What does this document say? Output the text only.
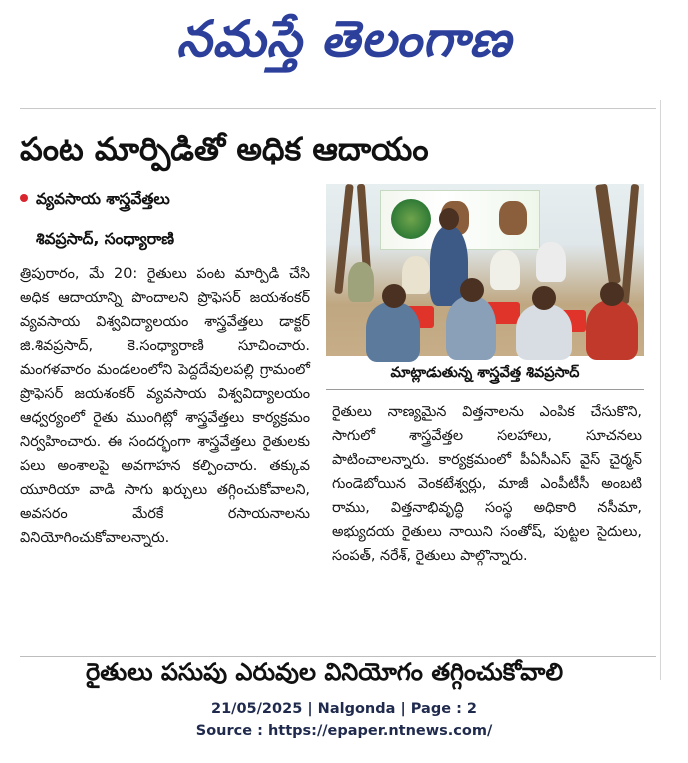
నమస్తే తెలంగాణ
పంట మార్పిడితో అధిక ఆదాయం
వ్యవసాయ శాస్త్రవేత్తలు
శివప్రసాద్, సంధ్యారాణి
త్రిపురారం, మే 20: రైతులు పంట మార్పిడి చేసి అధిక ఆదాయాన్ని పొందాలని ప్రొఫెసర్ జయశంకర్ వ్యవసాయ విశ్వవిద్యాలయం శాస్త్రవేత్తలు డాక్టర్ జి.శివప్రసాద్, కె.సంధ్యారాణి సూచించారు. మంగళవారం మండలంలోని పెద్దదేవులపల్లి గ్రామంలో ప్రొఫెసర్ జయశంకర్ వ్యవసాయ విశ్వవిద్యాలయం ఆధ్వర్యంలో రైతు ముంగిట్లో శాస్త్రవేత్తలు కార్యక్రమం నిర్వహించారు. ఈ సందర్భంగా శాస్త్రవేత్తలు రైతులకు పలు అంశాలపై అవగాహన కల్పించారు. తక్కువ యూరియా వాడి సాగు ఖర్చులు తగ్గించుకోవాలని, అవసరం మేరకే రసాయనాలను వినియోగించుకోవాలన్నారు.
మాట్లాడుతున్న శాస్త్రవేత్త శివప్రసాద్
రైతులు నాణ్యమైన విత్తనాలను ఎంపిక చేసుకొని, సాగులో శాస్త్రవేత్తల సలహాలు, సూచనలు పాటించాలన్నారు. కార్యక్రమంలో పీఏసీఎస్ వైస్ చైర్మన్ గుండెబోయిన వెంకటేశ్వర్లు, మాజీ ఎంపీటీసీ అంబటి రాము, విత్తనాభివృద్ధి సంస్థ అధికారి నసీమా, అభ్యుదయ రైతులు నాయిని సంతోష్, పుట్టల సైదులు, సంపత్, నరేశ్, రైతులు పాల్గొన్నారు.
రైతులు పసుపు ఎరువుల వినియోగం తగ్గించుకోవాలి
21/05/2025 | Nalgonda | Page : 2
Source : https://epaper.ntnews.com/
